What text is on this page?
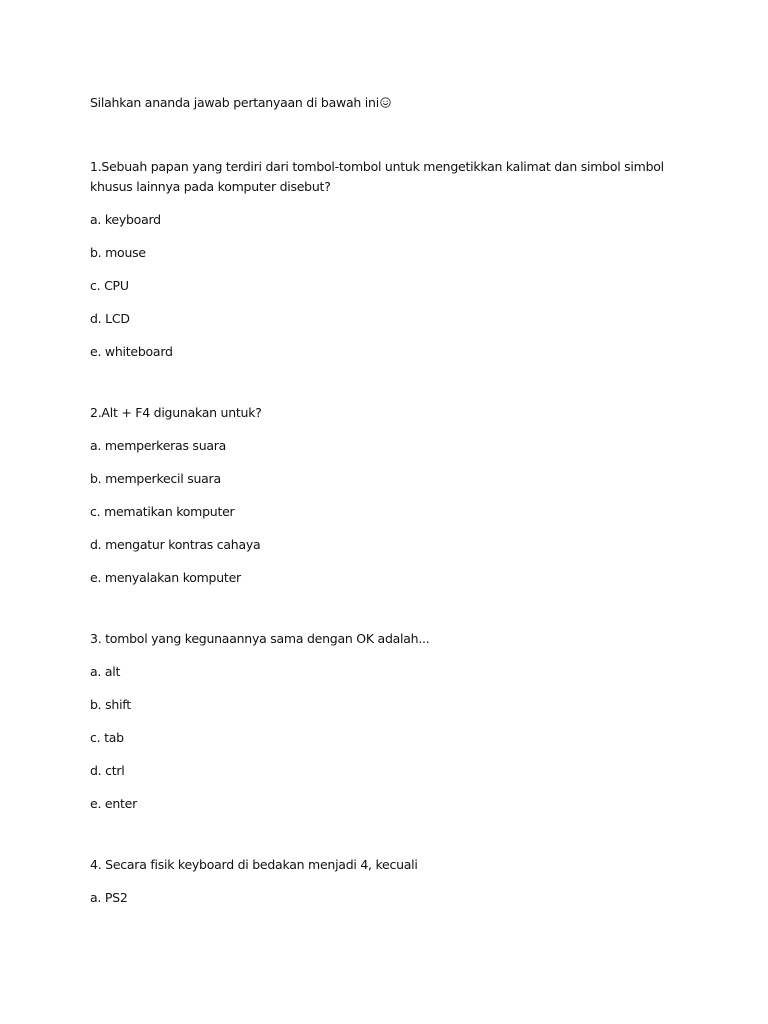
Silahkan ananda jawab pertanyaan di bawah ini

1.Sebuah papan yang terdiri dari tombol-tombol untuk mengetikkan kalimat dan simbol simbol khusus lainnya pada komputer disebut?

a. keyboard
b. mouse
c. CPU
d. LCD
e. whiteboard

2.Alt + F4 digunakan untuk?

a. memperkeras suara
b. memperkecil suara
c. mematikan komputer
d. mengatur kontras cahaya
e. menyalakan komputer

3. tombol yang kegunaannya sama dengan OK adalah...

a. alt
b. shift
c. tab
d. ctrl
e. enter

4. Secara fisik keyboard di bedakan menjadi 4, kecuali

a. PS2
